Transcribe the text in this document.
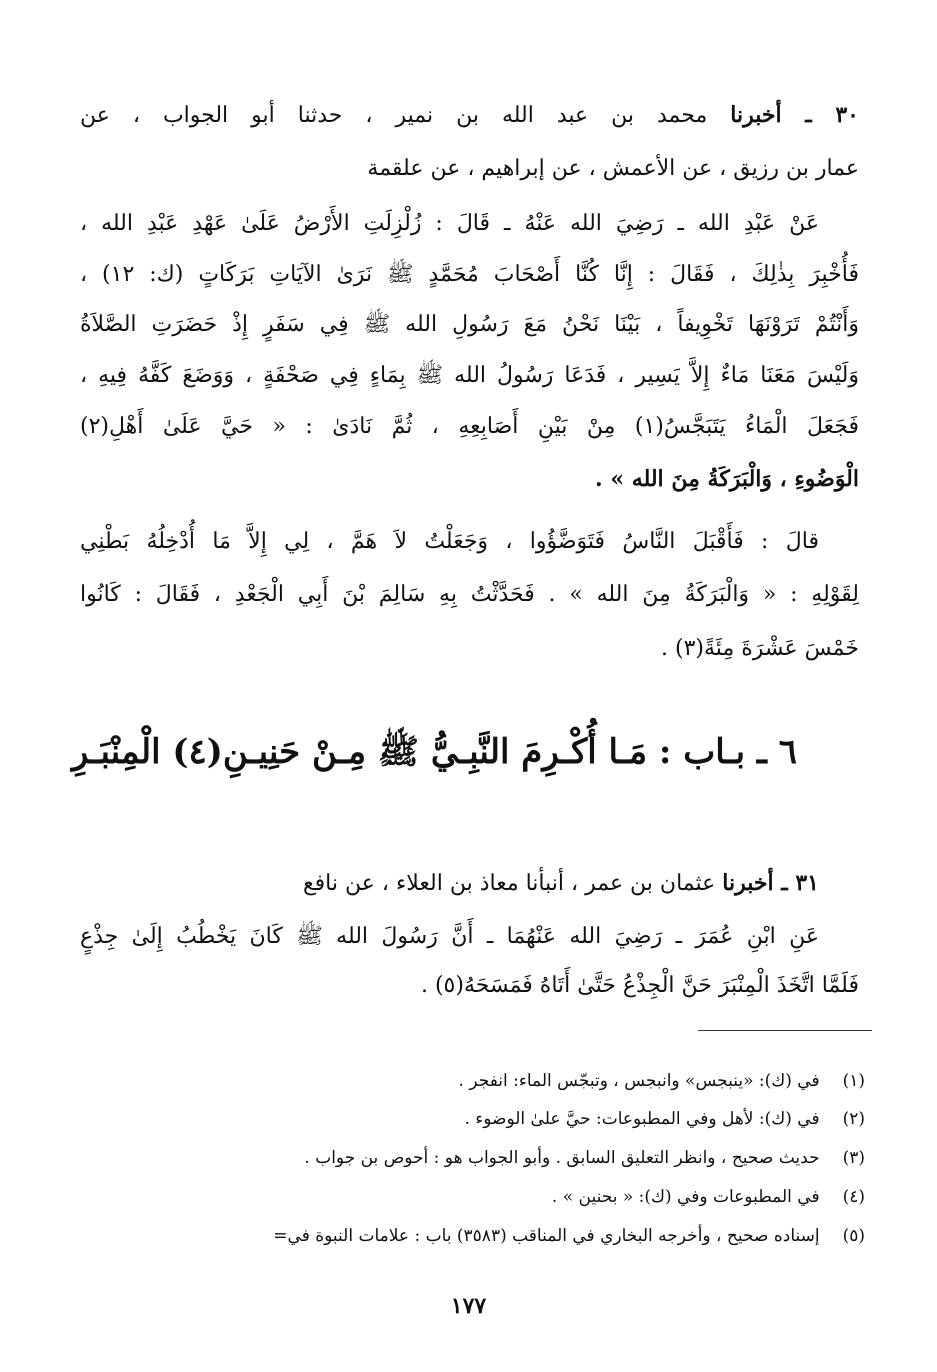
٣٠ ـ أخبرنا محمد بن عبد الله بن نمير ، حدثنا أبو الجواب ، عن
عمار بن رزيق ، عن الأعمش ، عن إبراهيم ، عن علقمة
عَنْ عَبْدِ الله ـ رَضِيَ الله عَنْهُ ـ قَالَ : زُلْزِلَتِ الأَرْضُ عَلَىٰ عَهْدِ عَبْدِ الله ،
فَأُخْبِرَ بِذٰلِكَ ، فَقَالَ : إِنَّا كُنَّا أَصْحَابَ مُحَمَّدٍ ﷺ نَرَىٰ الآيَاتِ بَرَكَاتٍ (ك: ١٢) ،
وَأَنْتُمْ تَرَوْنَهَا تَخْوِيفاً ، بَيْنَا نَحْنُ مَعَ رَسُولِ الله ﷺ فِي سَفَرٍ إِذْ حَضَرَتِ الصَّلاَةُ
وَلَيْسَ مَعَنَا مَاءٌ إِلاَّ يَسِير ، فَدَعَا رَسُولُ الله ﷺ بِمَاءٍ فِي صَحْفَةٍ ، وَوَضَعَ كَفَّهُ فِيهِ ،
فَجَعَلَ الْمَاءُ يَتَبَجَّسُ(١) مِنْ بَيْنِ أَصَابِعِهِ ، ثُمَّ نَادَىٰ : « حَيَّ عَلَىٰ أَهْلِ(٢)
الْوَضُوءِ ، وَالْبَرَكَةُ مِنَ الله » .
قالَ : فَأَقْبَلَ النَّاسُ فَتَوَضَّؤُوا ، وَجَعَلْتُ لاَ هَمَّ ، لِي إِلاَّ مَا أُدْخِلُهُ بَطْنِي
لِقَوْلِهِ : « وَالْبَرَكَةُ مِنَ الله » . فَحَدَّثْتُ بِهِ سَالِمَ بْنَ أَبِي الْجَعْدِ ، فَقَالَ : كَانُوا
خَمْسَ عَشْرَةَ مِئَةً(٣) .
٦ ـ بـاب : مَـا أُكْـرِمَ النَّبِـيُّ ﷺ مِـنْ حَنِيـنِ(٤) الْمِنْبَـرِ
٣١ ـ أخبرنا عثمان بن عمر ، أنبأنا معاذ بن العلاء ، عن نافع
عَنِ ابْنِ عُمَرَ ـ رَضِيَ الله عَنْهُمَا ـ أَنَّ رَسُولَ الله ﷺ كَانَ يَخْطُبُ إِلَىٰ جِذْعٍ
فَلَمَّا اتَّخَذَ الْمِنْبَرَ حَنَّ الْجِذْعُ حَتَّىٰ أَتَاهُ فَمَسَحَهُ(٥) .
(١) في (ك): «ينبجس» وانبجس ، وتبجّس الماء: انفجر .
(٢) في (ك): لأهل وفي المطبوعات: حيَّ علىٰ الوضوء .
(٣) حديث صحيح ، وانظر التعليق السابق . وأبو الجواب هو : أحوص بن جواب .
(٤) في المطبوعات وفي (ك): « بحنين » .
(٥) إسناده صحيح ، وأخرجه البخاري في المناقب (٣٥٨٣) باب : علامات النبوة في=
١٧٧
